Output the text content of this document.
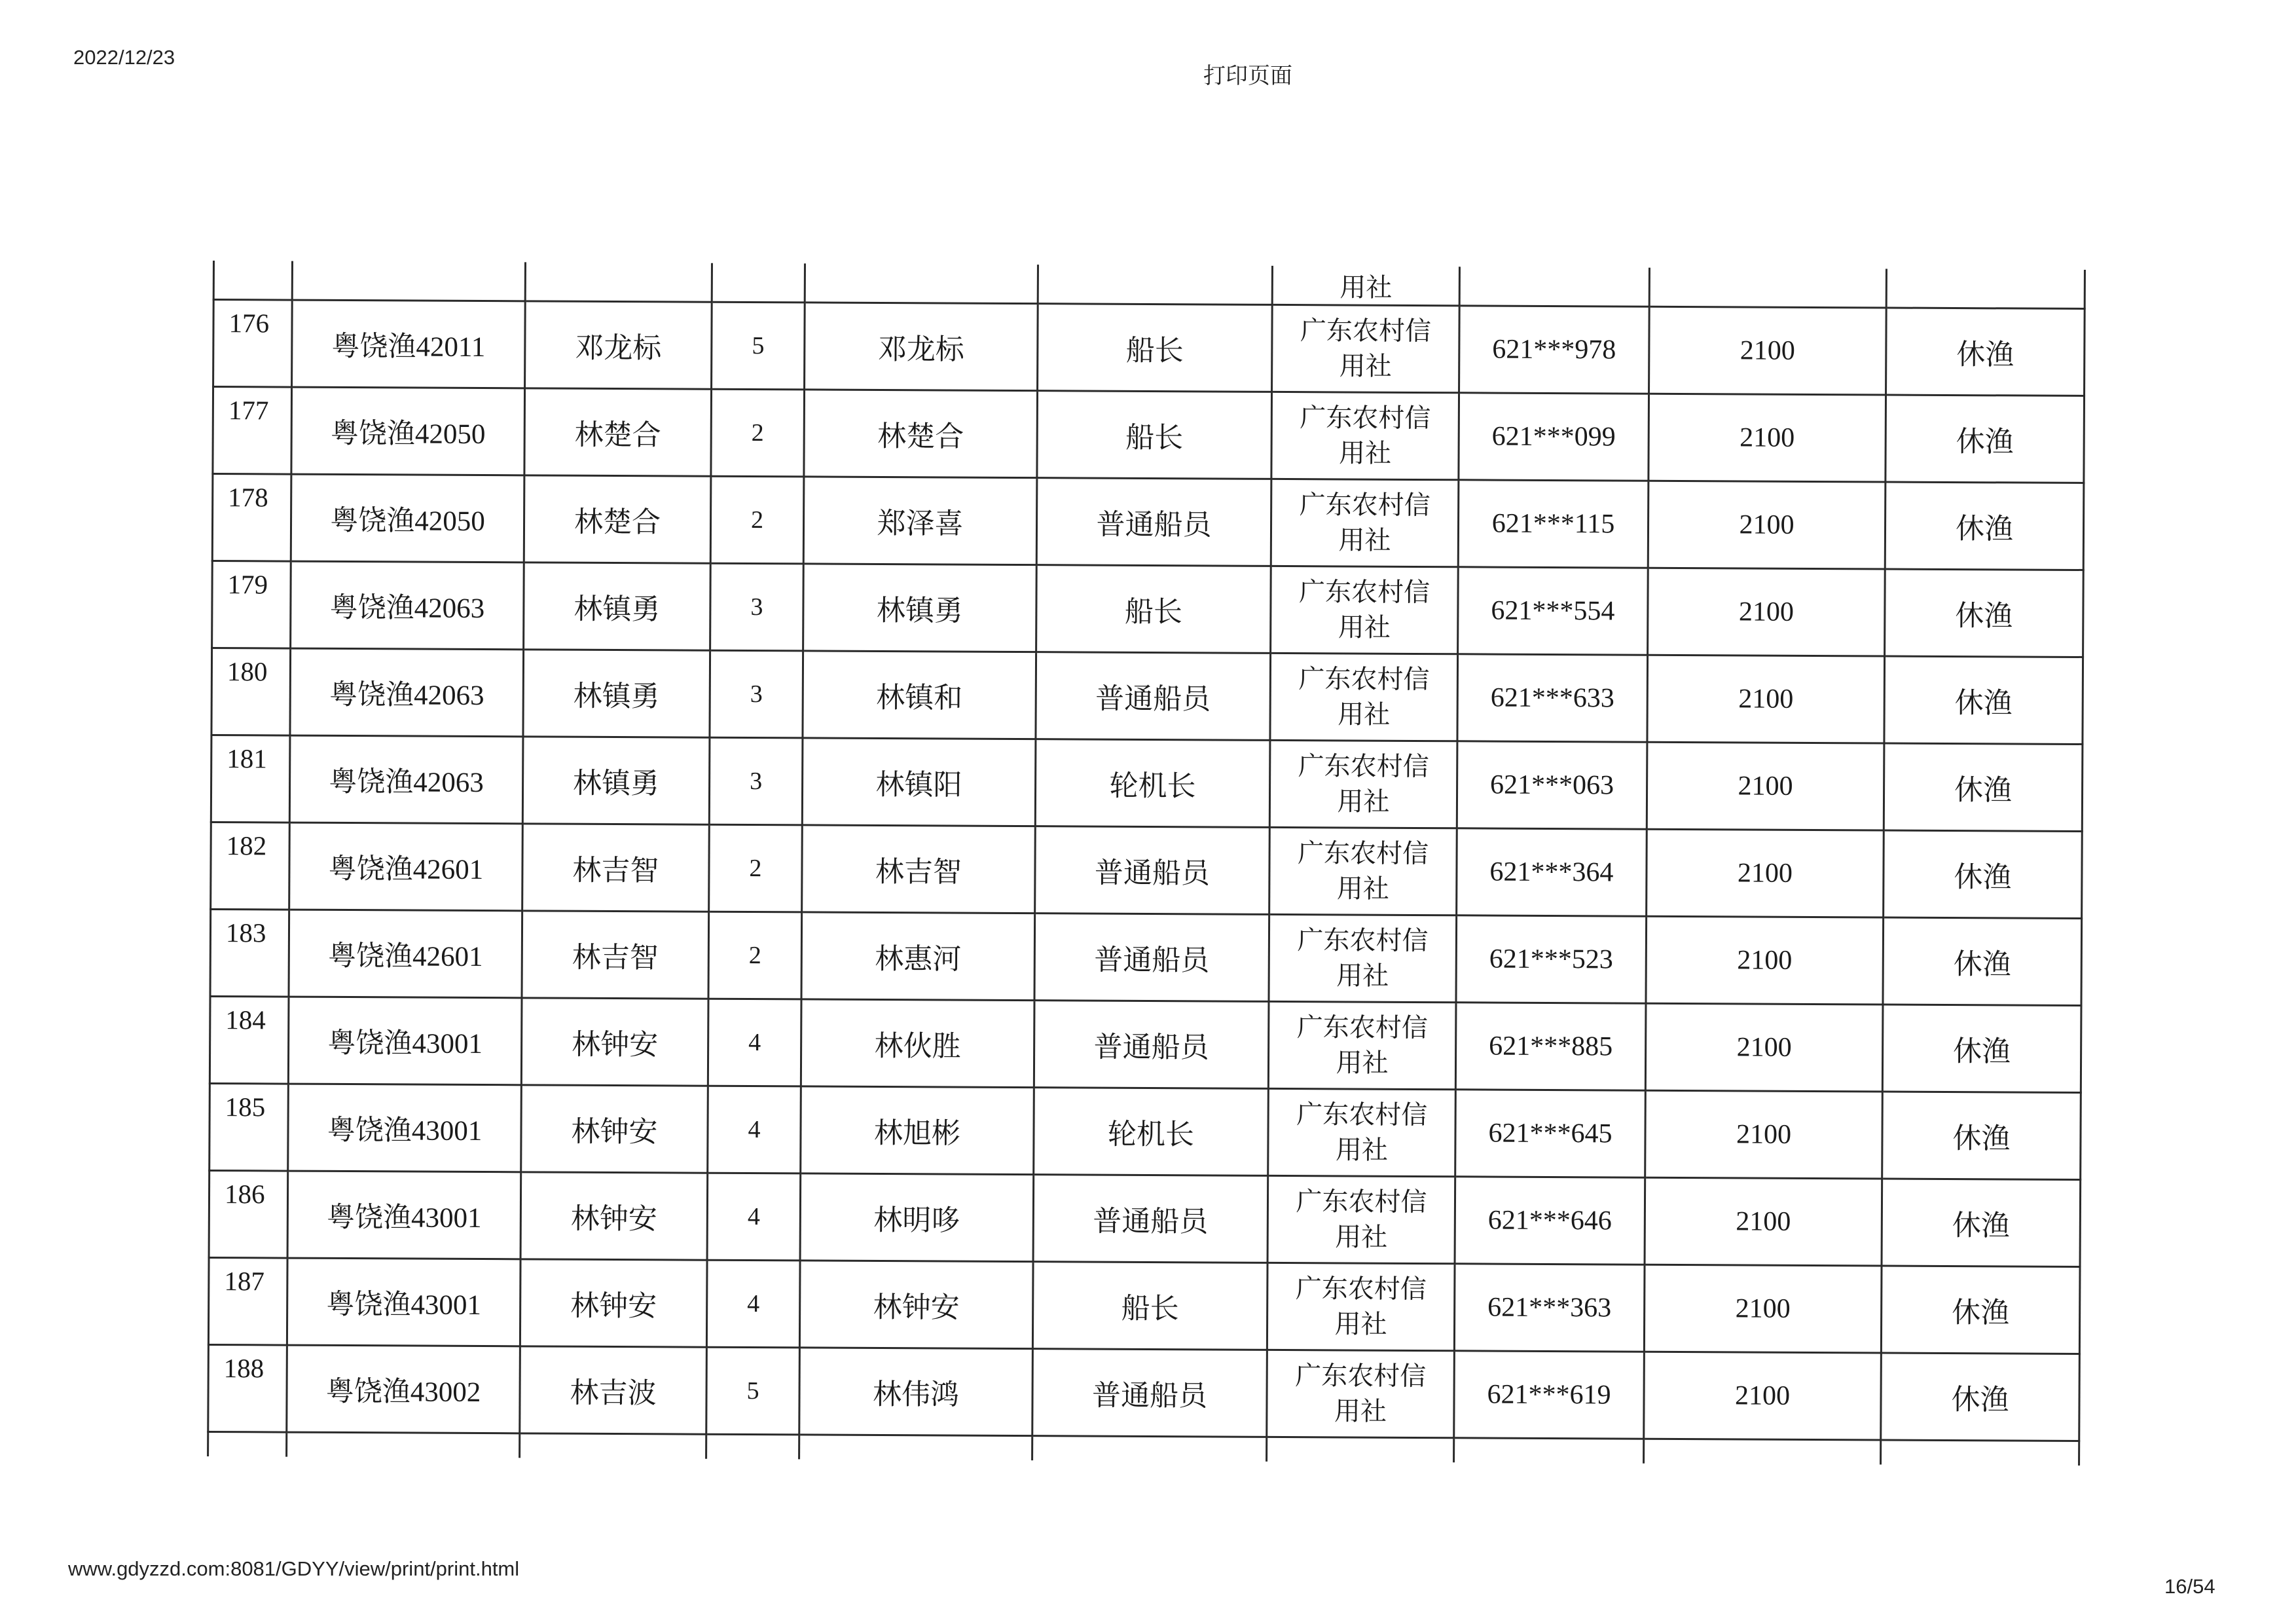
2022/12/23
打印页面
						用社			
176	粤饶渔42011	邓龙标	5	邓龙标	船长	广东农村信用社	621***978	2100	休渔
177	粤饶渔42050	林楚合	2	林楚合	船长	广东农村信用社	621***099	2100	休渔
178	粤饶渔42050	林楚合	2	郑泽喜	普通船员	广东农村信用社	621***115	2100	休渔
179	粤饶渔42063	林镇勇	3	林镇勇	船长	广东农村信用社	621***554	2100	休渔
180	粤饶渔42063	林镇勇	3	林镇和	普通船员	广东农村信用社	621***633	2100	休渔
181	粤饶渔42063	林镇勇	3	林镇阳	轮机长	广东农村信用社	621***063	2100	休渔
182	粤饶渔42601	林吉智	2	林吉智	普通船员	广东农村信用社	621***364	2100	休渔
183	粤饶渔42601	林吉智	2	林惠河	普通船员	广东农村信用社	621***523	2100	休渔
184	粤饶渔43001	林钟安	4	林伙胜	普通船员	广东农村信用社	621***885	2100	休渔
185	粤饶渔43001	林钟安	4	林旭彬	轮机长	广东农村信用社	621***645	2100	休渔
186	粤饶渔43001	林钟安	4	林明哆	普通船员	广东农村信用社	621***646	2100	休渔
187	粤饶渔43001	林钟安	4	林钟安	船长	广东农村信用社	621***363	2100	休渔
188	粤饶渔43002	林吉波	5	林伟鸿	普通船员	广东农村信用社	621***619	2100	休渔

www.gdyzzd.com:8081/GDYY/view/print/print.html
16/54
